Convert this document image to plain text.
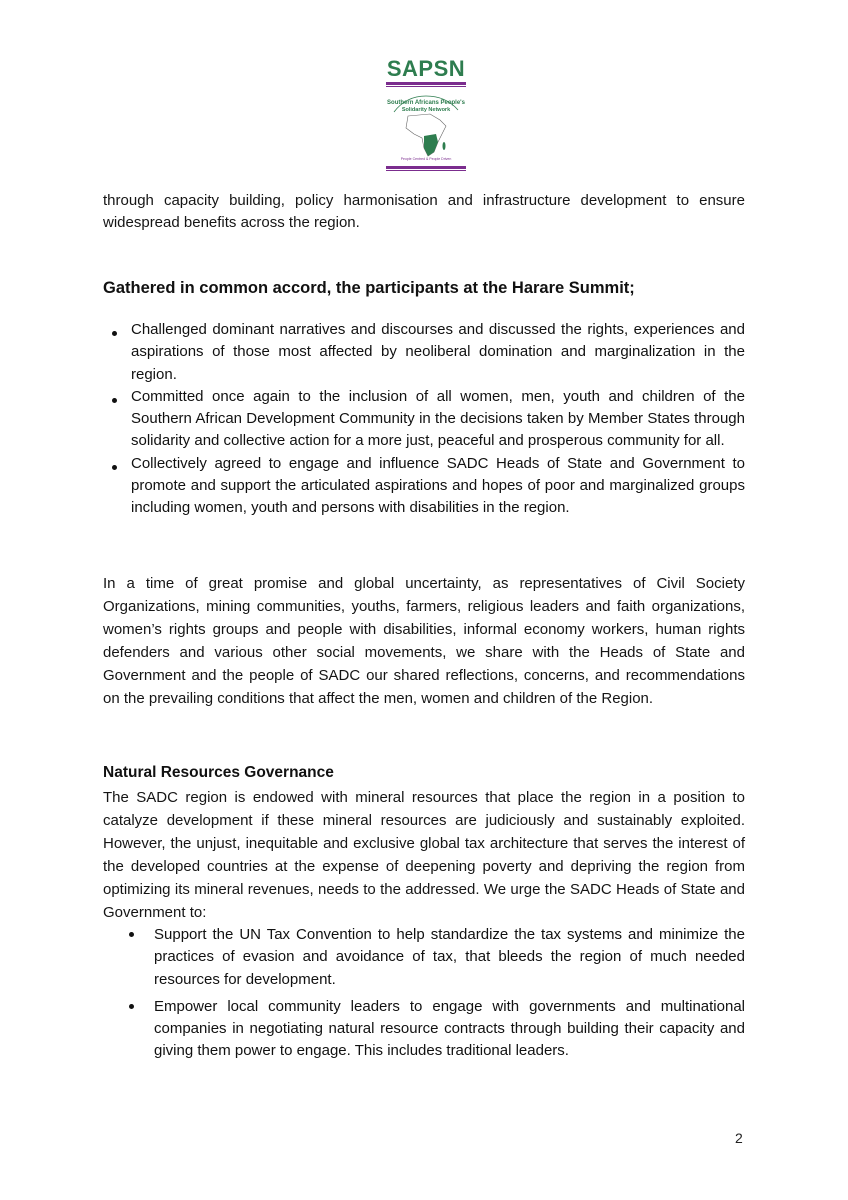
SAPSN
Southern Africans People's
Solidarity Network
People Centred & People Driven
through capacity building, policy harmonisation and infrastructure development to ensure widespread benefits across the region.
Gathered in common accord, the participants at the Harare Summit;
Challenged dominant narratives and discourses and discussed the rights, experiences and aspirations of those most affected by neoliberal domination and marginalization in the region.
Committed once again to the inclusion of all women, men, youth and children of the Southern African Development Community in the decisions taken by Member States through solidarity and collective action for a more just, peaceful and prosperous community for all.
Collectively agreed to engage and influence SADC Heads of State and Government to promote and support the articulated aspirations and hopes of poor and marginalized groups including women, youth and persons with disabilities in the region.
In a time of great promise and global uncertainty, as representatives of Civil Society Organizations, mining communities, youths, farmers, religious leaders and faith organizations, women’s rights groups and people with disabilities, informal economy workers, human rights defenders and various other social movements, we share with the Heads of State and Government and the people of SADC our shared reflections, concerns, and recommendations on the prevailing conditions that affect the men, women and children of the Region.
Natural Resources Governance
The SADC region is endowed with mineral resources that place the region in a position to catalyze development if these mineral resources are judiciously and sustainably exploited. However, the unjust, inequitable and exclusive global tax architecture that serves the interest of the developed countries at the expense of deepening poverty and depriving the region from optimizing its mineral revenues, needs to the addressed. We urge the SADC Heads of State and Government to:
Support the UN Tax Convention to help standardize the tax systems and minimize the practices of evasion and avoidance of tax, that bleeds the region of much needed resources for development.
Empower local community leaders to engage with governments and multinational companies in negotiating natural resource contracts through building their capacity and giving them power to engage. This includes traditional leaders.
2
